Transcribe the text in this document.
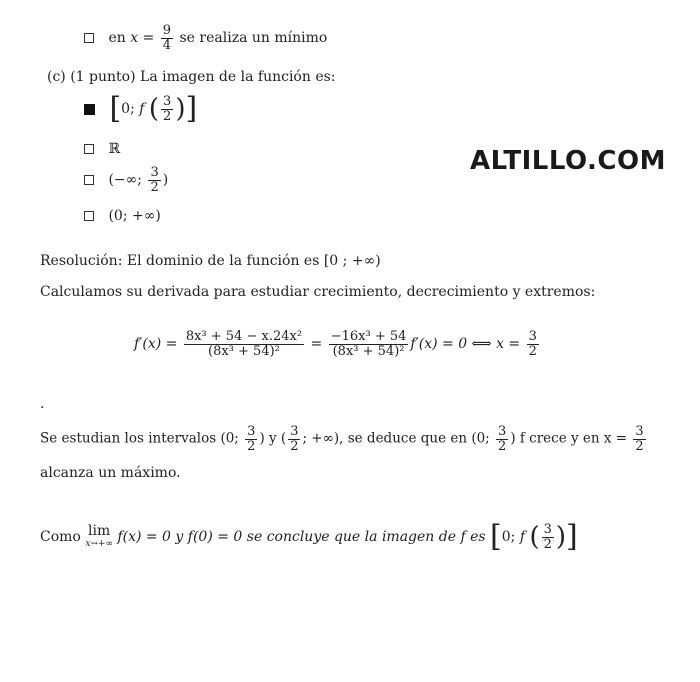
en $x = \frac{9}{4}$ se realiza un mínimo
(c) (1 punto) La imagen de la función es:
[0; f ( $\frac{3}{2}$ )]
ℝ
(−∞; $\frac{3}{2}$ )
(0; +∞)
ALTILLO.COM
Resolución: El dominio de la función es [0 ; +∞)
Calculamos su derivada para estudiar crecimiento, decrecimiento y extremos:
$f'(x) = \frac{\text{8x³ + 54 − x.24x²}}{\text{(8x³ + 54)²}} = \frac{\text{−16x³ + 54}}{\text{(8x³ + 54)²}} f'(x) = 0$ ⟺ $x = \frac{3}{2}$
.
Se estudian los intervalos (0; $\frac{3}{2}$ ) y ( $\frac{3}{2}$ ; +∞), se deduce que en (0; $\frac{3}{2}$ ) f crece y en $x = \frac{3}{2}$
alcanza un máximo.
Como lim
x→+∞ f(x) = 0 y f(0) = 0 se concluye que la imagen de f es [0; f ( $\frac{3}{2}$ )]
